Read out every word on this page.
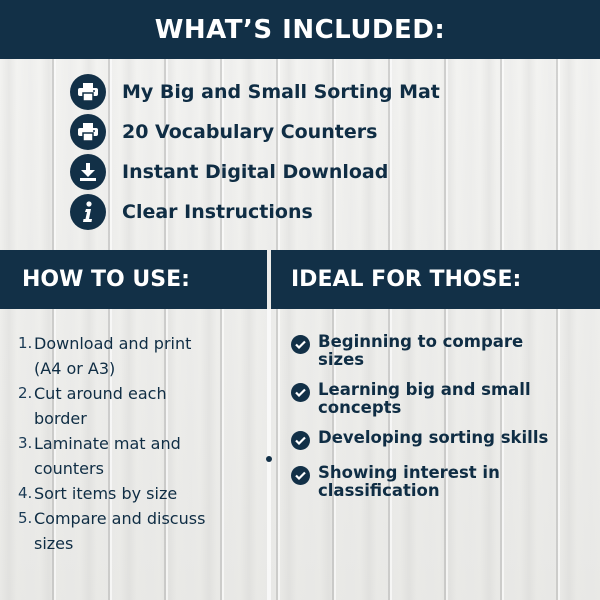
WHAT’S INCLUDED:
My Big and Small Sorting Mat
20 Vocabulary Counters
Instant Digital Download
Clear Instructions
HOW TO USE:	IDEAL FOR THOSE:
1. Download and print
(A4 or A3)
2. Cut around each
border
3. Laminate mat and
counters
4. Sort items by size
5. Compare and discuss
sizes
Beginning to compare
sizes
Learning big and small
concepts
Developing sorting skills
Showing interest in
classification
